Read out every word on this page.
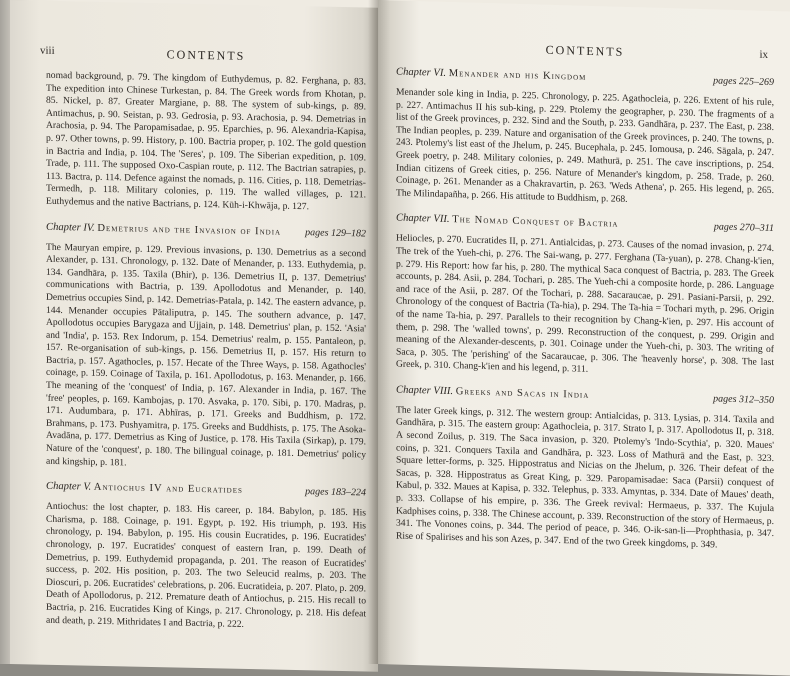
viii	CONTENTS

nomad background, p. 79. The kingdom of Euthydemus, p. 82. Ferghana, p. 83. The expedition into Chinese Turkestan, p. 84. The Greek words from Khotan, p. 85. Nickel, p. 87. Greater Margiane, p. 88. The system of sub-kings, p. 89. Antimachus, p. 90. Seistan, p. 93. Gedrosia, p. 93. Arachosia, p. 94. Demetrias in Arachosia, p. 94. The Paropamisadae, p. 95. Eparchies, p. 96. Alexandria-Kapisa, p. 97. Other towns, p. 99. History, p. 100. Bactria proper, p. 102. The gold question in Bactria and India, p. 104. The 'Seres', p. 109. The Siberian expedition, p. 109. Trade, p. 111. The supposed Oxo-Caspian route, p. 112. The Bactrian satrapies, p. 113. Bactra, p. 114. Defence against the nomads, p. 116. Cities, p. 118. Demetrias-Termedh, p. 118. Military colonies, p. 119. The walled villages, p. 121. Euthydemus and the native Bactrians, p. 124. Kūh-i-Khwāja, p. 127.

Chapter IV. Demetrius and the Invasion of India pages 129–182

The Mauryan empire, p. 129. Previous invasions, p. 130. Demetrius as a second Alexander, p. 131. Chronology, p. 132. Date of Menander, p. 133. Euthydemia, p. 134. Gandhāra, p. 135. Taxila (Bhir), p. 136. Demetrius II, p. 137. Demetrius' communications with Bactria, p. 139. Apollodotus and Menander, p. 140. Demetrius occupies Sind, p. 142. Demetrias-Patala, p. 142. The eastern advance, p. 144. Menander occupies Pātaliputra, p. 145. The southern advance, p. 147. Apollodotus occupies Barygaza and Ujjain, p. 148. Demetrius' plan, p. 152. 'Asia' and 'India', p. 153. Rex Indorum, p. 154. Demetrius' realm, p. 155. Pantaleon, p. 157. Re-organisation of sub-kings, p. 156. Demetrius II, p. 157. His return to Bactria, p. 157. Agathocles, p. 157. Hecate of the Three Ways, p. 158. Agathocles' coinage, p. 159. Coinage of Taxila, p. 161. Apollodotus, p. 163. Menander, p. 166. The meaning of the 'conquest' of India, p. 167. Alexander in India, p. 167. The 'free' peoples, p. 169. Kambojas, p. 170. Asvaka, p. 170. Sibi, p. 170. Madras, p. 171. Audumbara, p. 171. Abhīras, p. 171. Greeks and Buddhism, p. 172. Brahmans, p. 173. Pushyamitra, p. 175. Greeks and Buddhists, p. 175. The Asoka-Avadāna, p. 177. Demetrius as King of Justice, p. 178. His Taxila (Sirkap), p. 179. Nature of the 'conquest', p. 180. The bilingual coinage, p. 181. Demetrius' policy and kingship, p. 181.

Chapter V. Antiochus IV and Eucratides	pages 183–224

Antiochus: the lost chapter, p. 183. His career, p. 184. Babylon, p. 185. His Charisma, p. 188. Coinage, p. 191. Egypt, p. 192. His triumph, p. 193. His chronology, p. 194. Babylon, p. 195. His cousin Eucratides, p. 196. Eucratides' chronology, p. 197. Eucratides' conquest of eastern Iran, p. 199. Death of Demetrius, p. 199. Euthydemid propaganda, p. 201. The reason of Eucratides' success, p. 202. His position, p. 203. The two Seleucid realms, p. 203. The Dioscuri, p. 206. Eucratides' celebrations, p. 206. Eucratideia, p. 207. Plato, p. 209. Death of Apollodorus, p. 212. Premature death of Antiochus, p. 215. His recall to Bactria, p. 216. Eucratides King of Kings, p. 217. Chronology, p. 218. His defeat and death, p. 219. Mithridates I and Bactria, p. 222.

CONTENTS	ix
Chapter VI. Menander and his Kingdom	pages 225–269

Menander sole king in India, p. 225. Chronology, p. 225. Agathocleia, p. 226. Extent of his rule, p. 227. Antimachus II his sub-king, p. 229. Ptolemy the geographer, p. 230. The fragments of a list of the Greek provinces, p. 232. Sind and the South, p. 233. Gandhāra, p. 237. The East, p. 238. The Indian peoples, p. 239. Nature and organisation of the Greek provinces, p. 240. The towns, p. 243. Ptolemy's list east of the Jhelum, p. 245. Bucephala, p. 245. Iomousa, p. 246. Sāgala, p. 247. Greek poetry, p. 248. Military colonies, p. 249. Mathurā, p. 251. The cave inscriptions, p. 254. Indian citizens of Greek cities, p. 256. Nature of Menander's kingdom, p. 258. Trade, p. 260. Coinage, p. 261. Menander as a Chakravartin, p. 263. 'Weds Athena', p. 265. His legend, p. 265. The Milindapañha, p. 266. His attitude to Buddhism, p. 268.

Chapter VII. The Nomad Conquest of Bactria	pages 270–311

Heliocles, p. 270. Eucratides II, p. 271. Antialcidas, p. 273. Causes of the nomad invasion, p. 274. The trek of the Yueh-chi, p. 276. The Sai-wang, p. 277. Ferghana (Ta-yuan), p. 278. Chang-k'ien, p. 279. His Report: how far his, p. 280. The mythical Saca conquest of Bactria, p. 283. The Greek accounts, p. 284. Asii, p. 284. Tochari, p. 285. The Yueh-chi a composite horde, p. 286. Language and race of the Asii, p. 287. Of the Tochari, p. 288. Sacaraucae, p. 291. Pasiani-Parsii, p. 292. Chronology of the conquest of Bactria (Ta-hia), p. 294. The Ta-hia = Tochari myth, p. 296. Origin of the name Ta-hia, p. 297. Parallels to their recognition by Chang-k'ien, p. 297. His account of them, p. 298. The 'walled towns', p. 299. Reconstruction of the conquest, p. 299. Origin and meaning of the Alexander-descents, p. 301. Coinage under the Yueh-chi, p. 303. The writing of Saca, p. 305. The 'perishing' of the Sacaraucae, p. 306. The 'heavenly horse', p. 308. The last Greek, p. 310. Chang-k'ien and his legend, p. 311.

Chapter VIII. Greeks and Sacas in India	pages 312–350

The later Greek kings, p. 312. The western group: Antialcidas, p. 313. Lysias, p. 314. Taxila and Gandhāra, p. 315. The eastern group: Agathocleia, p. 317. Strato I, p. 317. Apollodotus II, p. 318. A second Zoilus, p. 319. The Saca invasion, p. 320. Ptolemy's 'Indo-Scythia', p. 320. Maues' coins, p. 321. Conquers Taxila and Gandhāra, p. 323. Loss of Mathurā and the East, p. 323. Square letter-forms, p. 325. Hippostratus and Nicias on the Jhelum, p. 326. Their defeat of the Sacas, p. 328. Hippostratus as Great King, p. 329. Paropamisadae: Saca (Parsii) conquest of Kabul, p. 332. Maues at Kapisa, p. 332. Telephus, p. 333. Amyntas, p. 334. Date of Maues' death, p. 333. Collapse of his empire, p. 336. The Greek revival: Hermaeus, p. 337. The Kujula Kadphises coins, p. 338. The Chinese account, p. 339. Reconstruction of the story of Hermaeus, p. 341. The Vonones coins, p. 344. The period of peace, p. 346. O-ik-san-li—Prophthasia, p. 347. Rise of Spalirises and his son Azes, p. 347. End of the two Greek kingdoms, p. 349.
